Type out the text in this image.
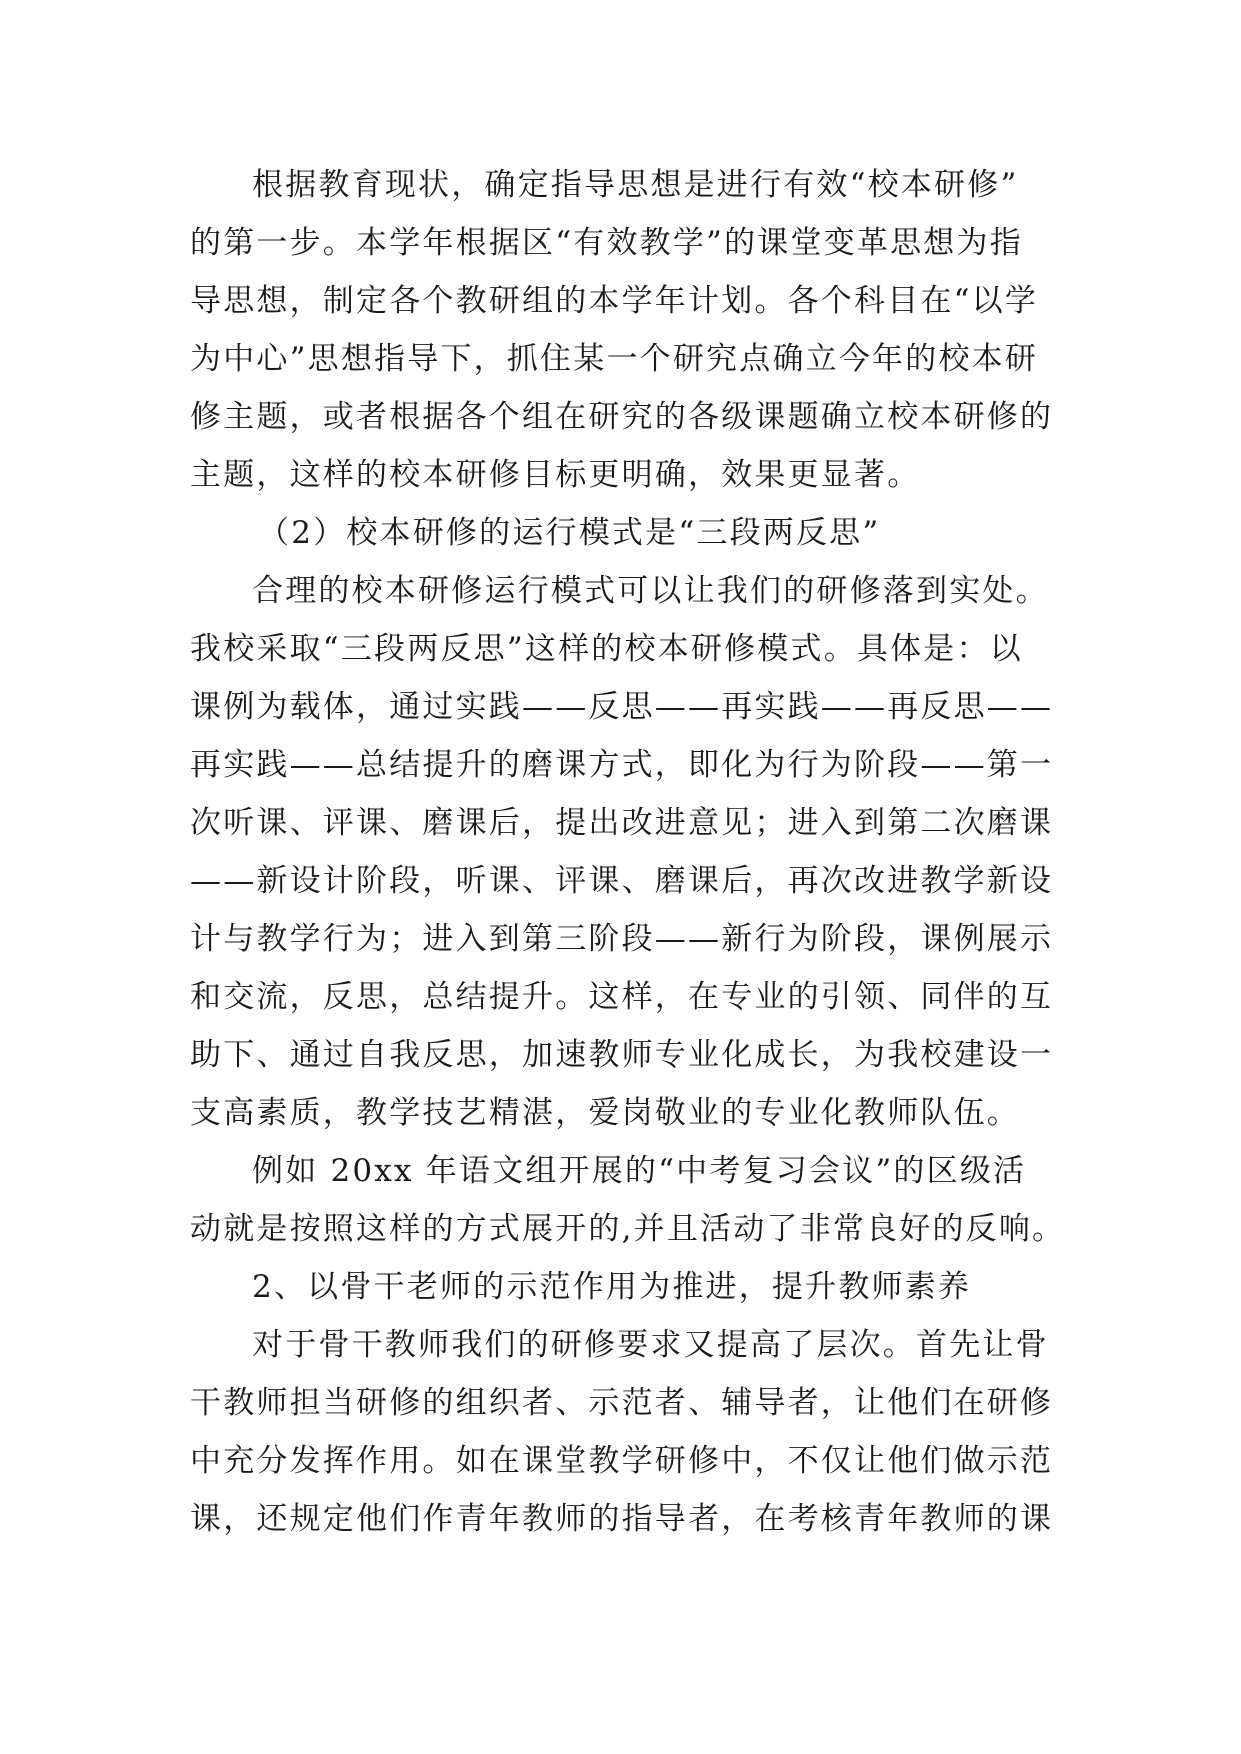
根据教育现状，确定指导思想是进行有效“校本研修”
的第一步。本学年根据区“有效教学”的课堂变革思想为指
导思想，制定各个教研组的本学年计划。各个科目在“以学
为中心”思想指导下，抓住某一个研究点确立今年的校本研
修主题，或者根据各个组在研究的各级课题确立校本研修的
主题，这样的校本研修目标更明确，效果更显著。
（2）校本研修的运行模式是“三段两反思”
合理的校本研修运行模式可以让我们的研修落到实处。
我校采取“三段两反思”这样的校本研修模式。具体是：以
课例为载体，通过实践——反思——再实践——再反思——
再实践——总结提升的磨课方式，即化为行为阶段——第一
次听课、评课、磨课后，提出改进意见；进入到第二次磨课
——新设计阶段，听课、评课、磨课后，再次改进教学新设
计与教学行为；进入到第三阶段——新行为阶段，课例展示
和交流，反思，总结提升。这样，在专业的引领、同伴的互
助下、通过自我反思，加速教师专业化成长，为我校建设一
支高素质，教学技艺精湛，爱岗敬业的专业化教师队伍。
例如 20xx 年语文组开展的“中考复习会议”的区级活
动就是按照这样的方式展开的,并且活动了非常良好的反响。
2、以骨干老师的示范作用为推进，提升教师素养
对于骨干教师我们的研修要求又提高了层次。首先让骨
干教师担当研修的组织者、示范者、辅导者，让他们在研修
中充分发挥作用。如在课堂教学研修中，不仅让他们做示范
课，还规定他们作青年教师的指导者，在考核青年教师的课
